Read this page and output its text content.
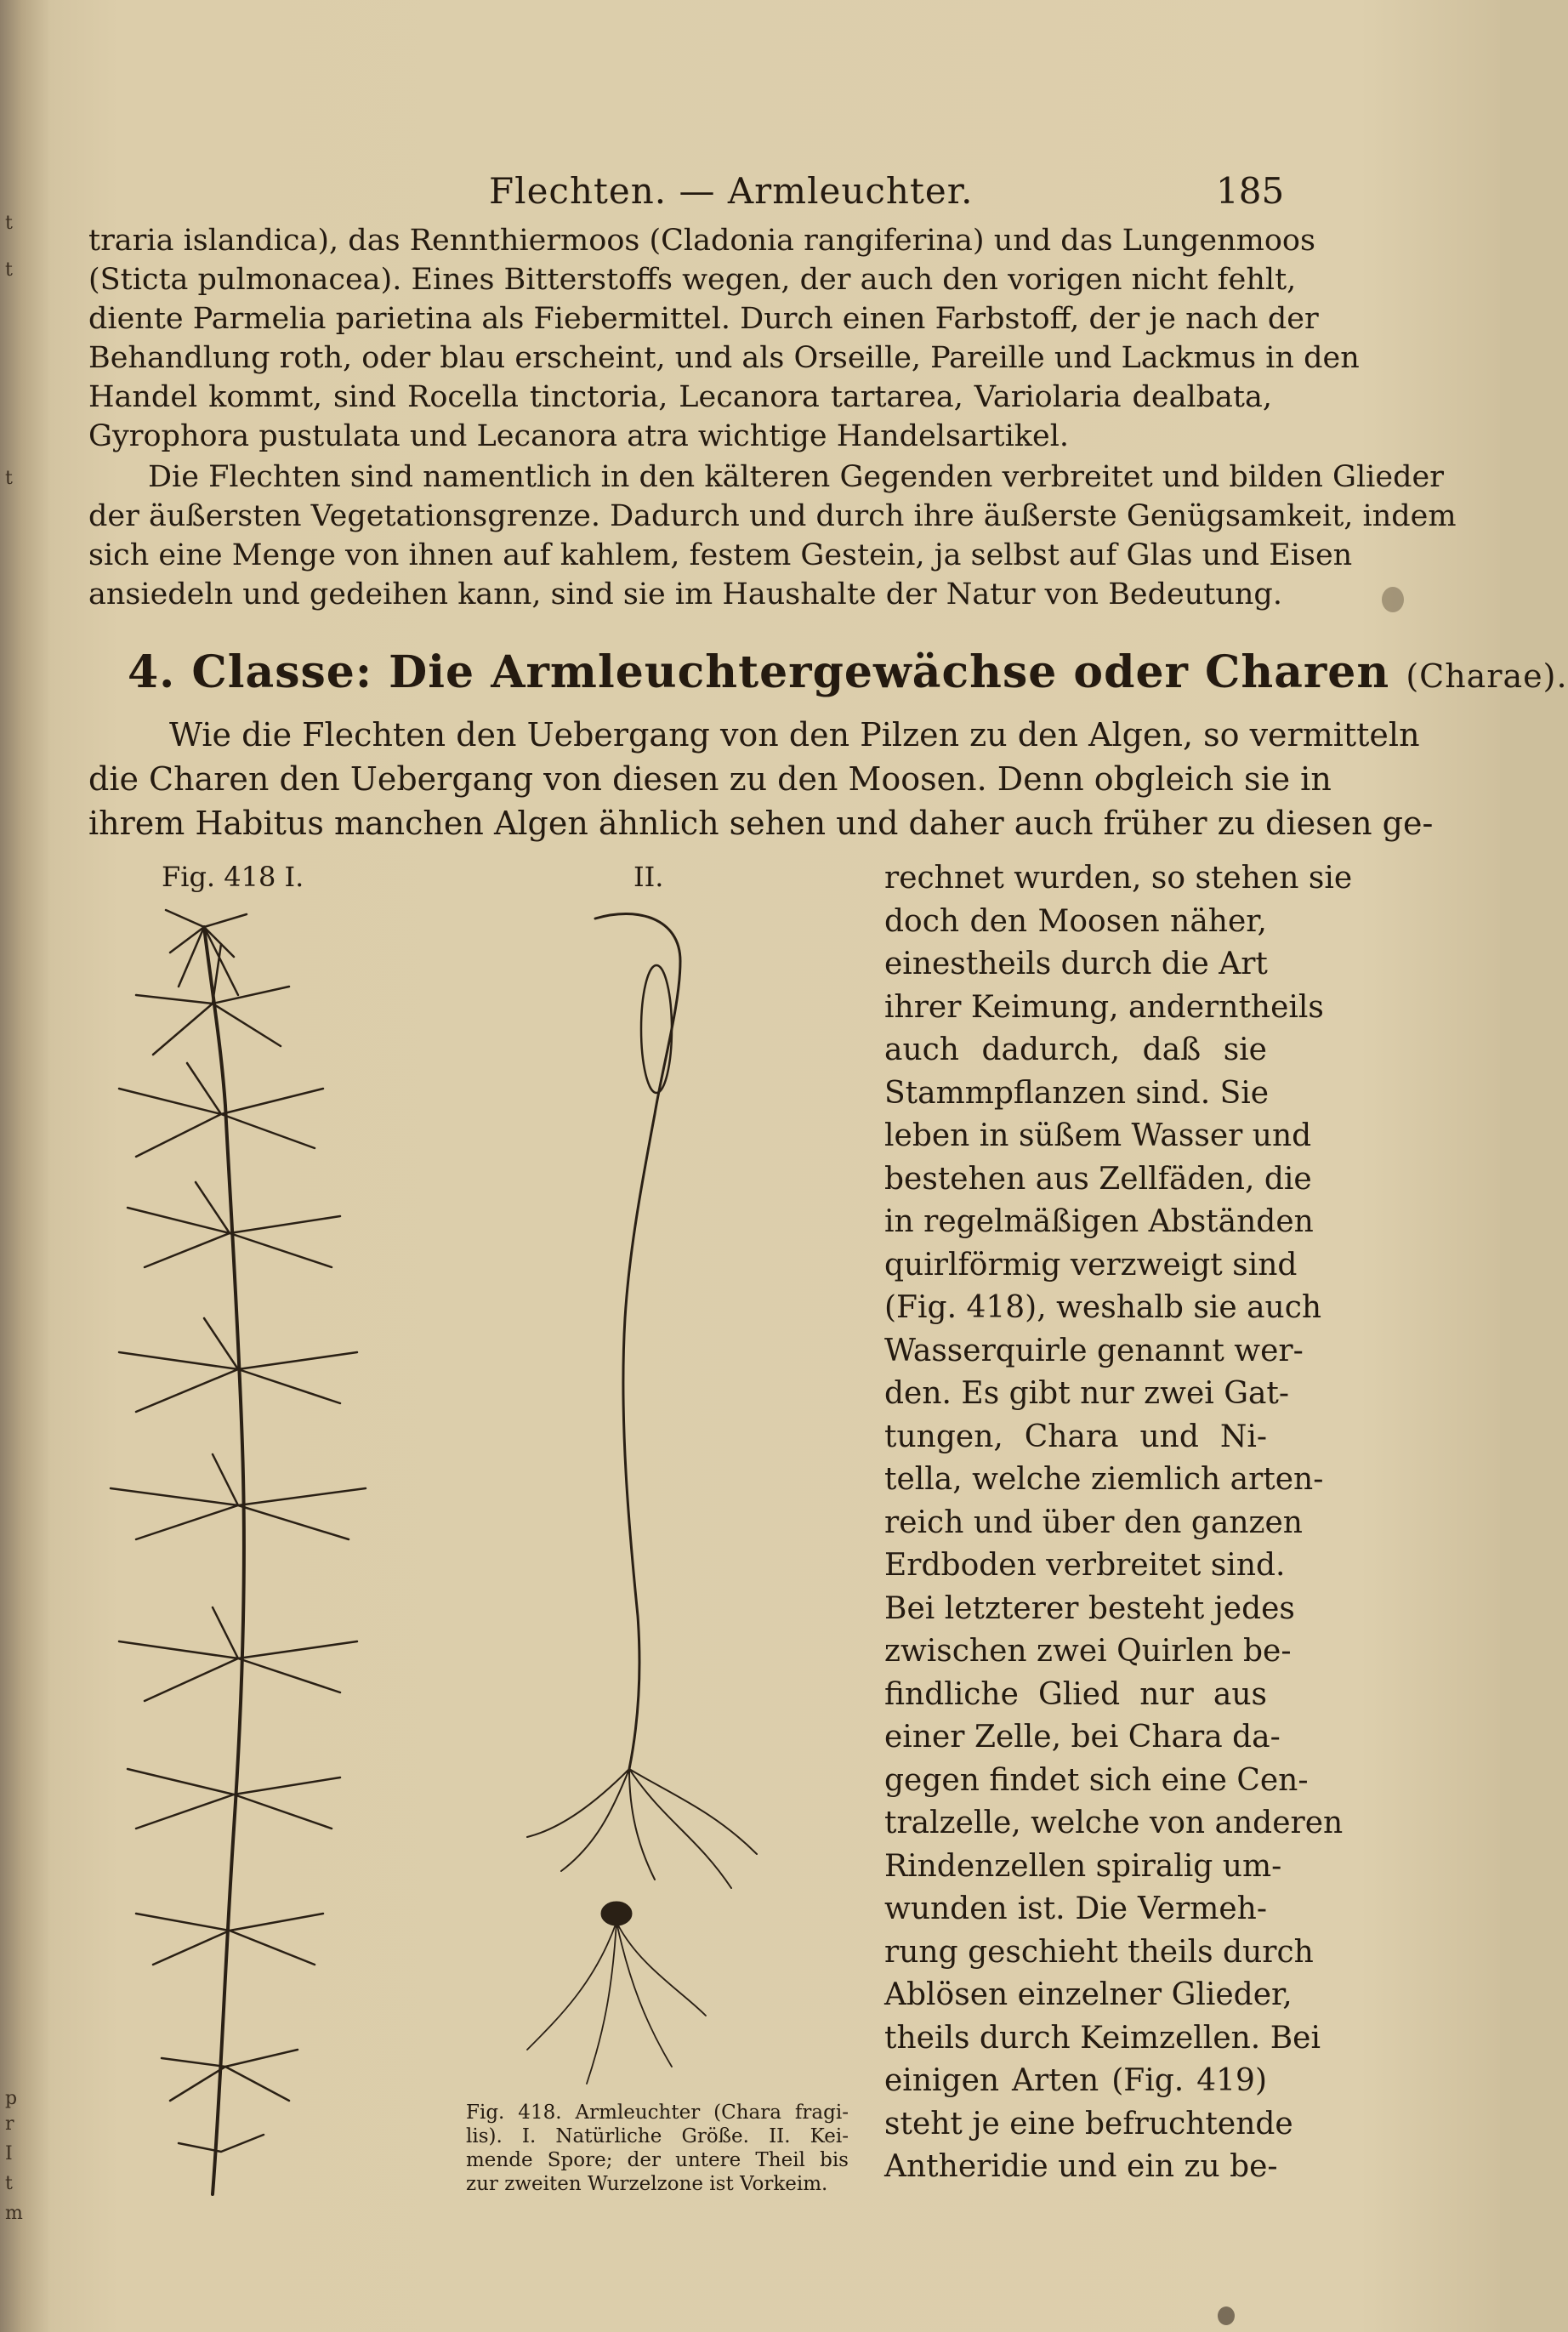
t
t
t
p
r
I
t
m
Flechten. — Armleuchter.	185
traria islandica), das Rennthiermoos (Cladonia rangiferina) und das Lungenmoos
(Sticta pulmonacea). Eines Bitterstoffs wegen, der auch den vorigen nicht fehlt,
diente Parmelia parietina als Fiebermittel. Durch einen Farbstoff, der je nach der
Behandlung roth, oder blau erscheint, und als Orseille, Pareille und Lackmus in den
Handel kommt, sind Rocella tinctoria, Lecanora tartarea, Variolaria dealbata,
Gyrophora pustulata und Lecanora atra wichtige Handelsartikel.
Die Flechten sind namentlich in den kälteren Gegenden verbreitet und bilden Glieder
der äußersten Vegetationsgrenze. Dadurch und durch ihre äußerste Genügsamkeit, indem
sich eine Menge von ihnen auf kahlem, festem Gestein, ja selbst auf Glas und Eisen
ansiedeln und gedeihen kann, sind sie im Haushalte der Natur von Bedeutung.
4. Classe: Die Armleuchtergewächse oder Charen (Charae).
Wie die Flechten den Uebergang von den Pilzen zu den Algen, so vermitteln
die Charen den Uebergang von diesen zu den Moosen. Denn obgleich sie in
ihrem Habitus manchen Algen ähnlich sehen und daher auch früher zu diesen ge-
Fig. 418 I.	II.	rechnet wurden, so stehen sie
doch den Moosen näher,
einestheils durch die Art
ihrer Keimung, anderntheils
auch dadurch, daß sie
Stammpflanzen sind. Sie
leben in süßem Wasser und
bestehen aus Zellfäden, die
in regelmäßigen Abständen
quirlförmig verzweigt sind
(Fig. 418), weshalb sie auch
Wasserquirle genannt wer-
den. Es gibt nur zwei Gat-
tungen, Chara und Ni-
tella, welche ziemlich arten-
reich und über den ganzen
Erdboden verbreitet sind.
Bei letzterer besteht jedes
zwischen zwei Quirlen be-
findliche Glied nur aus
einer Zelle, bei Chara da-
gegen findet sich eine Cen-
tralzelle, welche von anderen
Rindenzellen spiralig um-
wunden ist. Die Vermeh-
rung geschieht theils durch
Ablösen einzelner Glieder,
theils durch Keimzellen. Bei
einigen Arten (Fig. 419)
steht je eine befruchtende
Antheridie und ein zu be-
Fig. 418. Armleuchter (Chara fragi-
lis). I. Natürliche Größe. II. Kei-
mende Spore; der untere Theil bis
zur zweiten Wurzelzone ist Vorkeim.
